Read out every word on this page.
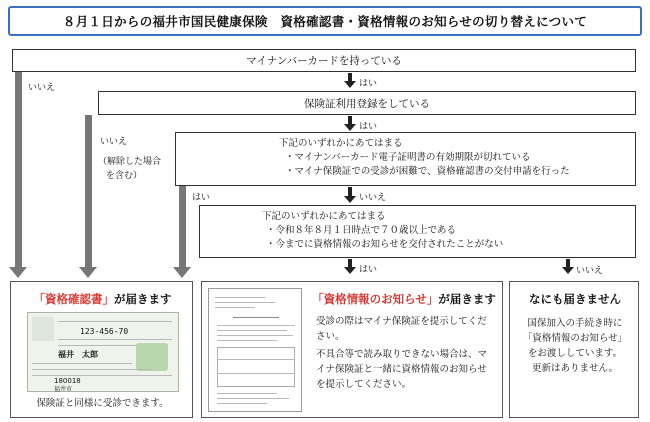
８月１日からの福井市国民健康保険　資格確認書・資格情報のお知らせの切り替えについて
マイナンバーカードを持っている
保険証利用登録をしている
下記のいずれかにあてはまる
・マイナンバーカード電子証明書の有効期限が切れている
・マイナ保険証での受診が困難で、資格確認書の交付申請を行った
下記のいずれかにあてはまる
・令和８年８月１日時点で７０歳以上である
・今までに資格情報のお知らせを交付されたことがない
はい
はい
いいえ
はい	いいえ
いいえ
いいえ
（解除した場合
を含む）
はい
「資格確認書」が届きます
123-456-70
福井　太郎
180018
福井市
保険証と同様に受診できます。
「資格情報のお知らせ」が届きます
受診の際はマイナ保険証を提示してください。
不具合等で読み取りできない場合は、マイナ保険証と一緒に資格情報のお知らせを提示してください。
なにも届きません
国保加入の手続き時に
「資格情報のお知らせ」
をお渡ししています。
更新はありません。
